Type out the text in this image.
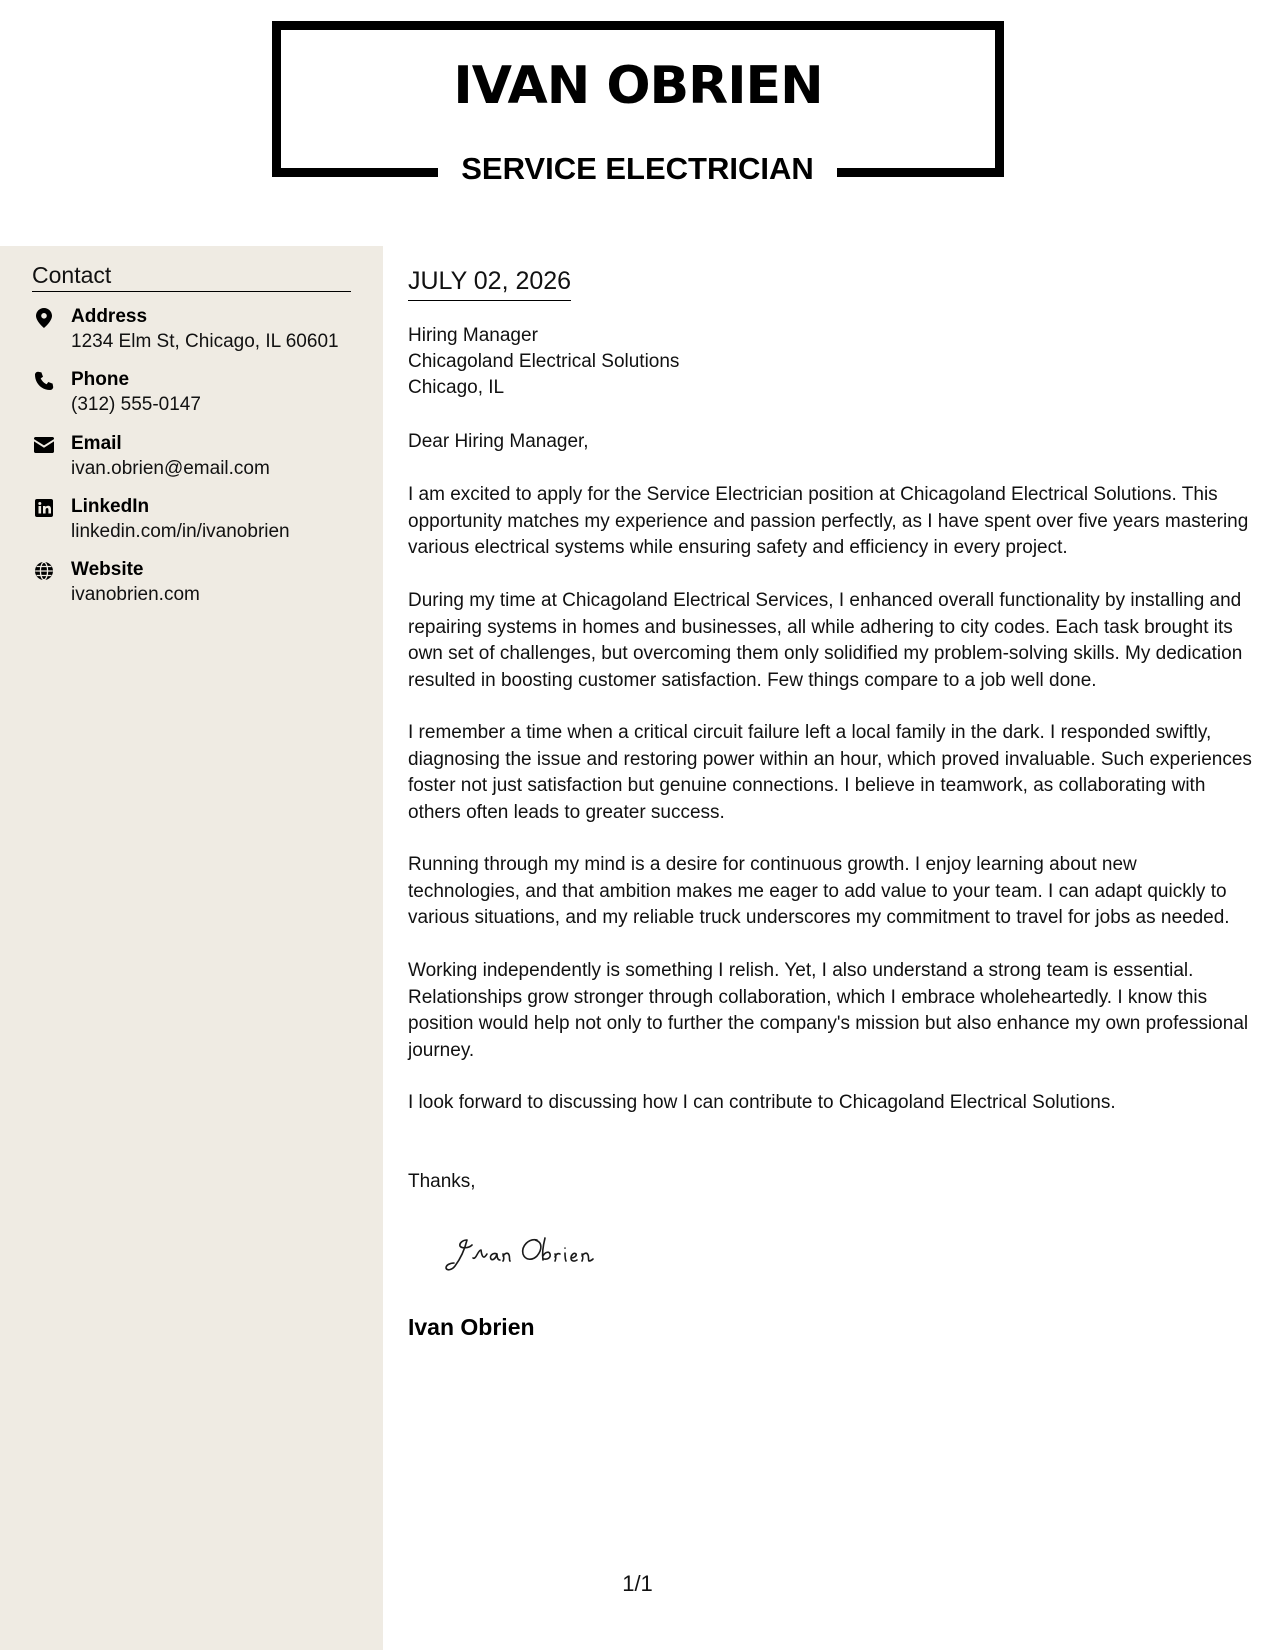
IVAN OBRIEN
SERVICE ELECTRICIAN
Contact
Address
1234 Elm St, Chicago, IL 60601
Phone
(312) 555-0147
Email
ivan.obrien@email.com
LinkedIn
linkedin.com/in/ivanobrien
Website
ivanobrien.com
JULY 02, 2026
Hiring Manager
Chicagoland Electrical Solutions
Chicago, IL
Dear Hiring Manager,

I am excited to apply for the Service Electrician position at Chicagoland Electrical Solutions. This opportunity matches my experience and passion perfectly, as I have spent over five years mastering various electrical systems while ensuring safety and efficiency in every project.

During my time at Chicagoland Electrical Services, I enhanced overall functionality by installing and repairing systems in homes and businesses, all while adhering to city codes. Each task brought its own set of challenges, but overcoming them only solidified my problem-solving skills. My dedication resulted in boosting customer satisfaction. Few things compare to a job well done.

I remember a time when a critical circuit failure left a local family in the dark. I responded swiftly, diagnosing the issue and restoring power within an hour, which proved invaluable. Such experiences foster not just satisfaction but genuine connections. I believe in teamwork, as collaborating with others often leads to greater success.

Running through my mind is a desire for continuous growth. I enjoy learning about new technologies, and that ambition makes me eager to add value to your team. I can adapt quickly to various situations, and my reliable truck underscores my commitment to travel for jobs as needed.

Working independently is something I relish. Yet, I also understand a strong team is essential. Relationships grow stronger through collaboration, which I embrace wholeheartedly. I know this position would help not only to further the company's mission but also enhance my own professional journey.

I look forward to discussing how I can contribute to Chicagoland Electrical Solutions.

Thanks,
Ivan Obrien
1/1
